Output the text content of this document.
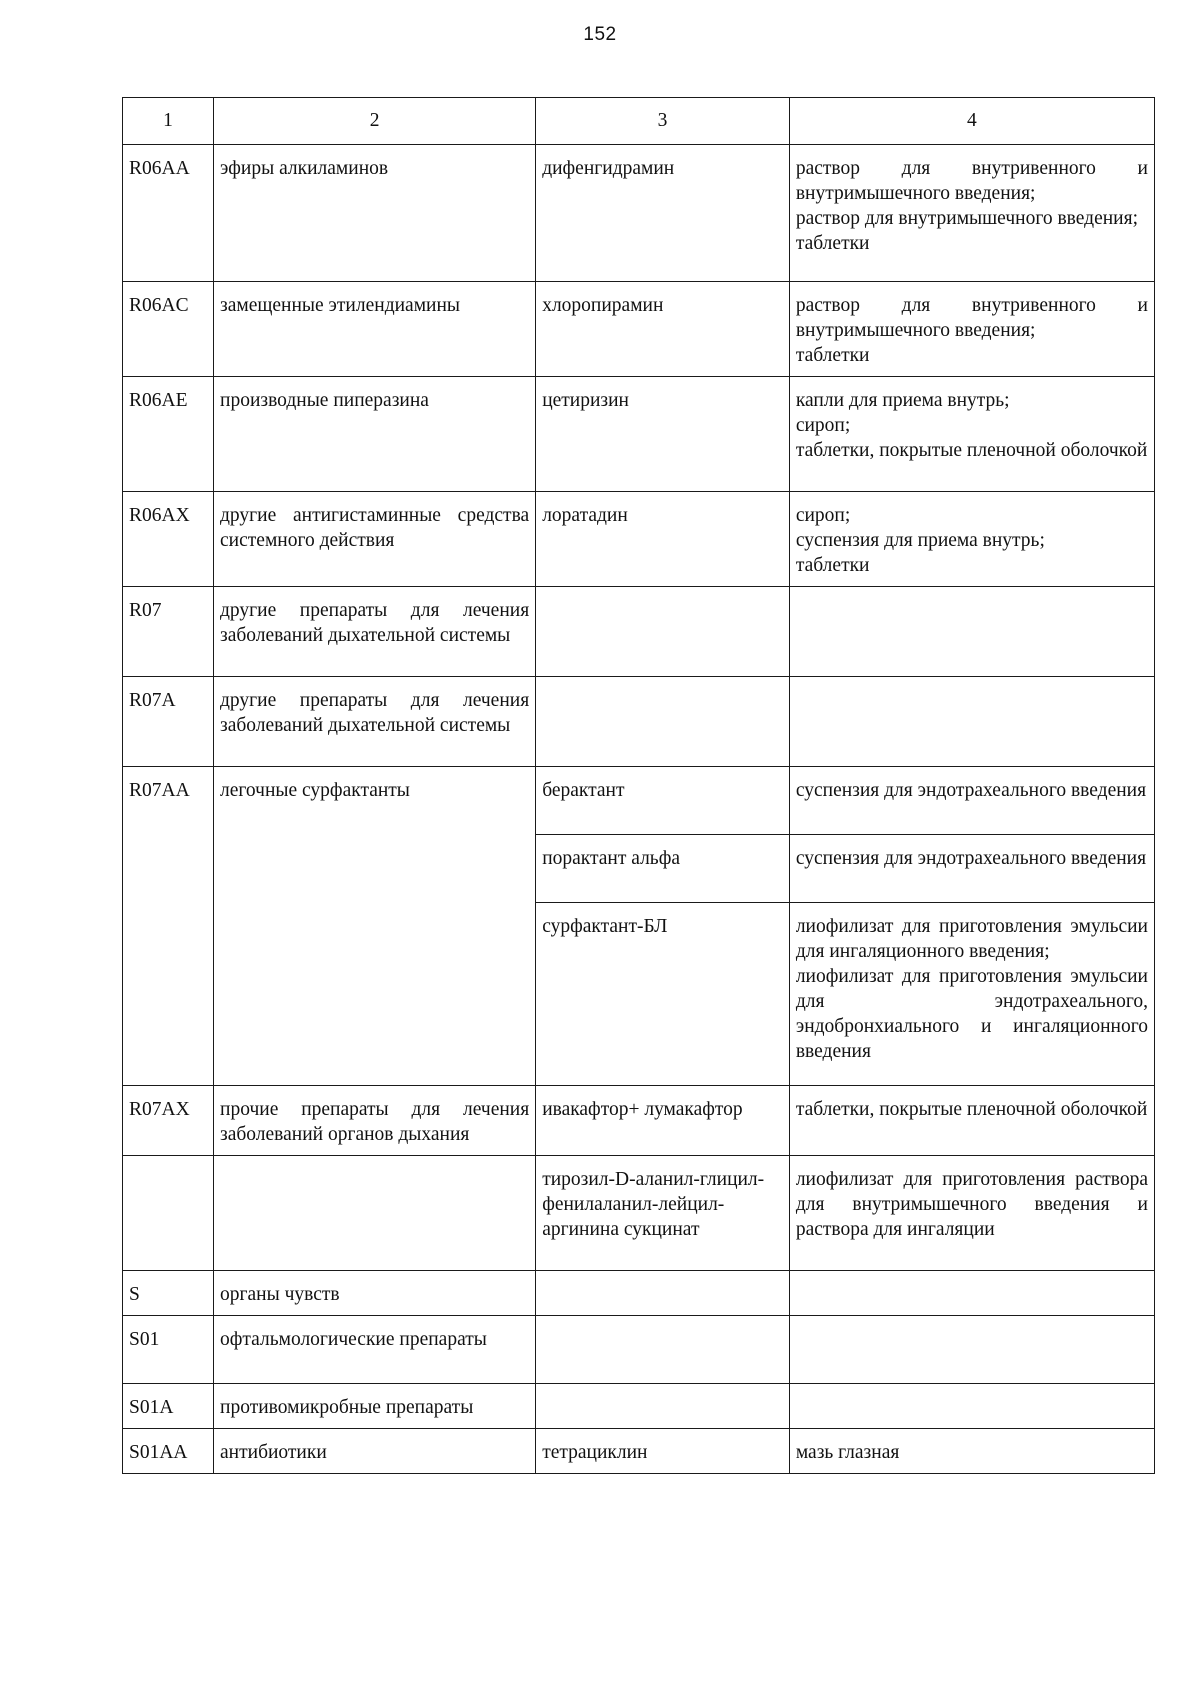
152
1	2	3	4
R06AA	эфиры алкиламинов	дифенгидрамин	раствор для внутривенного и внутримышечного введения;
раствор для внутримышечного введения;
таблетки

R06AC	замещенные этилендиамины	хлоропирамин	раствор для внутривенного и внутримышечного введения;
таблетки

R06AE	производные пиперазина	цетиризин	капли для приема внутрь;
сироп;
таблетки, покрытые пленочной оболочкой

R06AX	другие антигистаминные средства системного действия	лоратадин	сироп;
суспензия для приема внутрь;
таблетки

R07	другие препараты для лечения заболеваний дыхательной системы		
R07A	другие препараты для лечения заболеваний дыхательной системы		
R07AA	легочные сурфактанты	берактант	суспензия для эндотрахеального введения

		порактант альфа	суспензия для эндотрахеального введения

		сурфактант-БЛ	лиофилизат для приготовления эмульсии для ингаляционного введения;
лиофилизат для приготовления эмульсии для эндотрахеального, эндобронхиального и ингаляционного введения

R07AX	прочие препараты для лечения заболеваний органов дыхания	ивакафтор+ лумакафтор	таблетки, покрытые пленочной оболочкой

		тирозил-D-аланил-глицил-фенилаланил-лейцил-аргинина сукцинат	лиофилизат для приготовления раствора для внутримышечного введения и раствора для ингаляции

S	органы чувств		
S01	офтальмологические препараты		
S01A	противомикробные препараты		
S01AA	антибиотики	тетрациклин	мазь глазная
